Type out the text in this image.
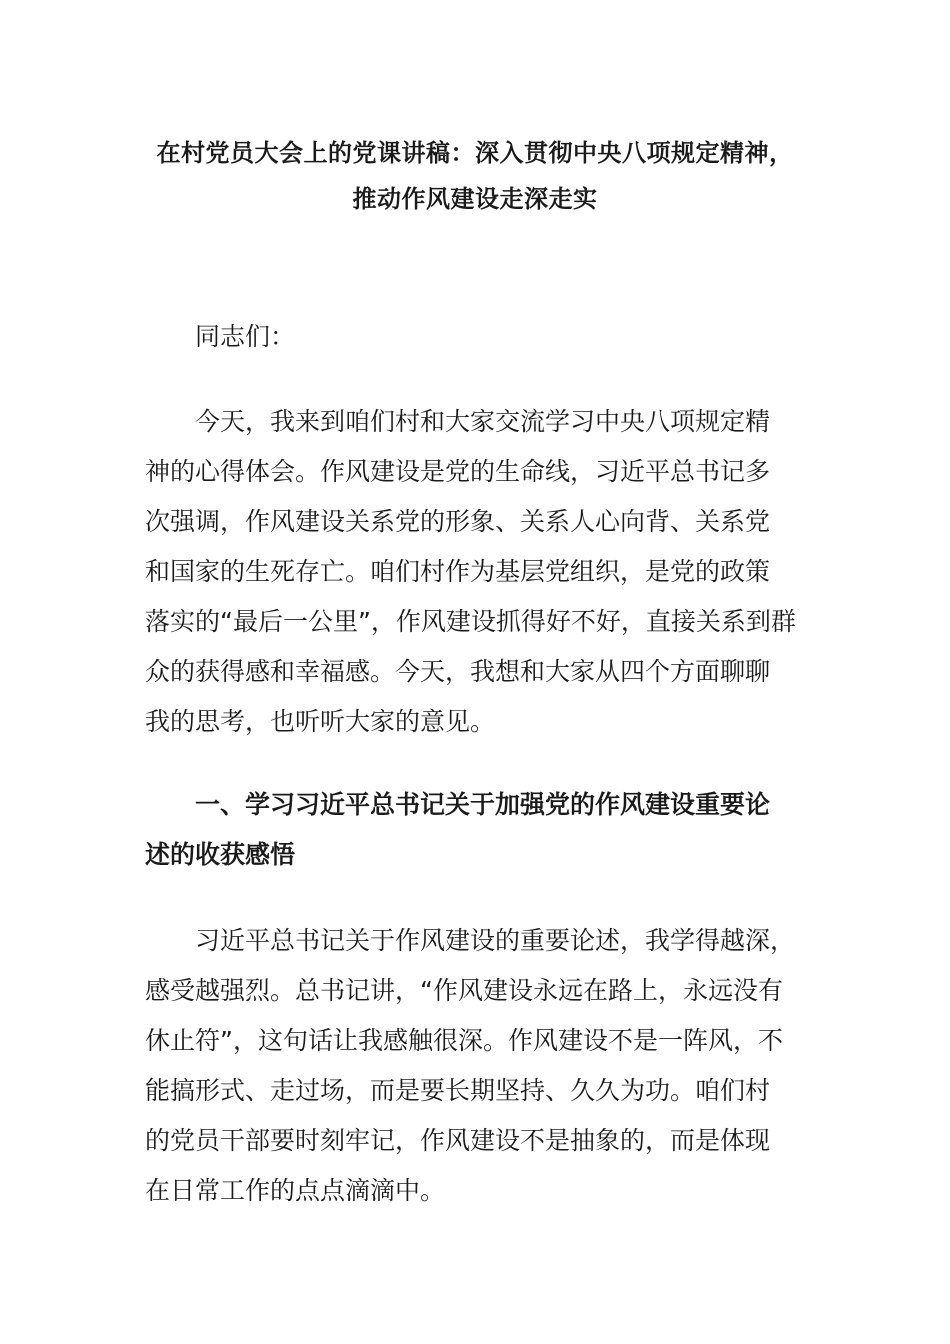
在村党员大会上的党课讲稿：深入贯彻中央八项规定精神，
推动作风建设走深走实

同志们：

今天，我来到咱们村和大家交流学习中央八项规定精
神的心得体会。作风建设是党的生命线，习近平总书记多
次强调，作风建设关系党的形象、关系人心向背、关系党
和国家的生死存亡。咱们村作为基层党组织，是党的政策
落实的“最后一公里”，作风建设抓得好不好，直接关系到群
众的获得感和幸福感。今天，我想和大家从四个方面聊聊
我的思考，也听听大家的意见。

一、学习习近平总书记关于加强党的作风建设重要论
述的收获感悟

习近平总书记关于作风建设的重要论述，我学得越深，
感受越强烈。总书记讲，“作风建设永远在路上，永远没有
休止符”，这句话让我感触很深。作风建设不是一阵风，不
能搞形式、走过场，而是要长期坚持、久久为功。咱们村
的党员干部要时刻牢记，作风建设不是抽象的，而是体现
在日常工作的点点滴滴中。
